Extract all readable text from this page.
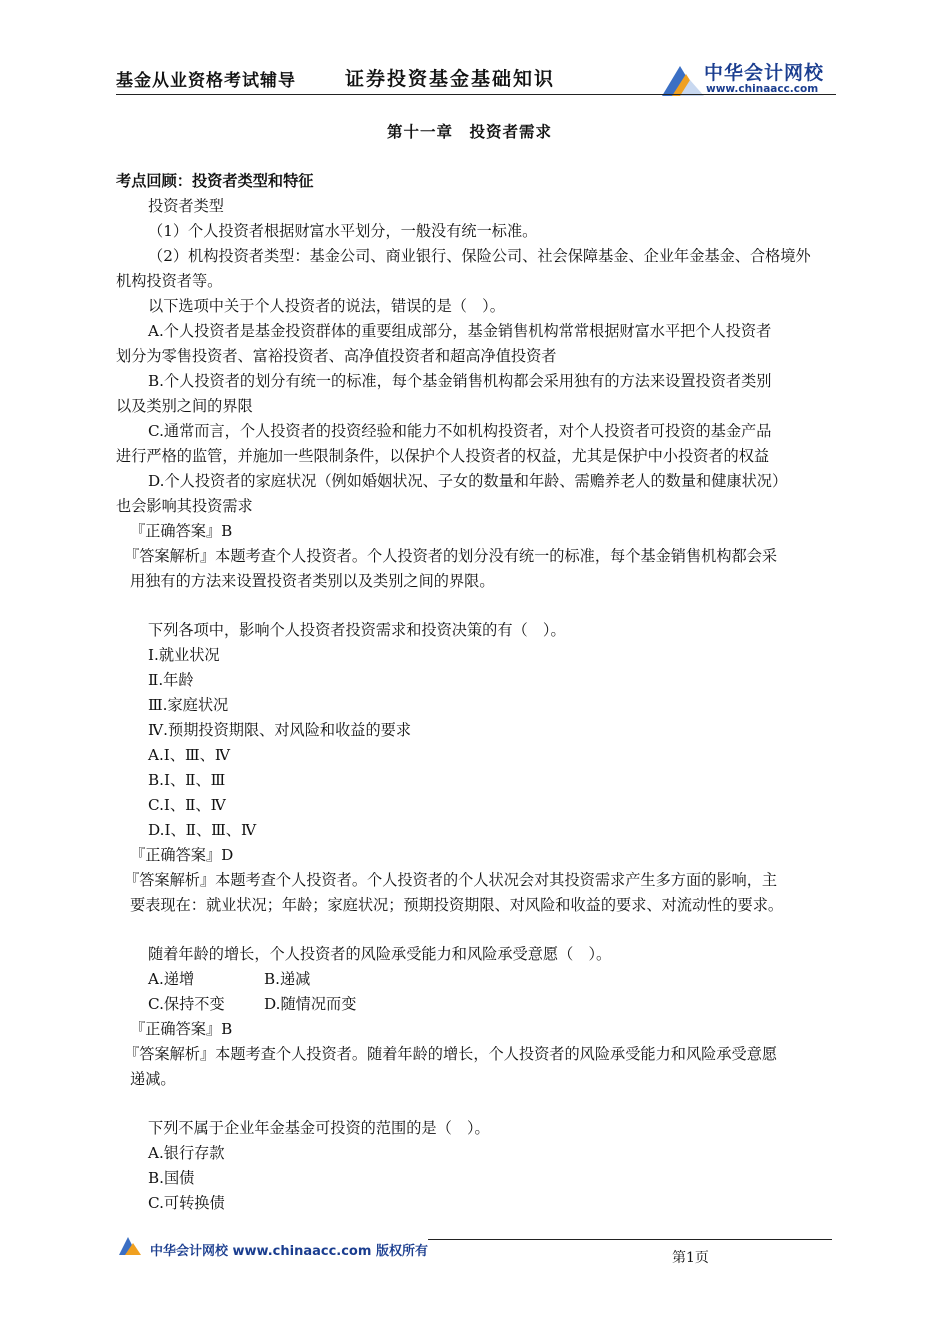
基金从业资格考试辅导	证券投资基金基础知识	中华会计网校
www.chinaacc.com
第十一章　投资者需求
考点回顾：投资者类型和特征
投资者类型
（1）个人投资者根据财富水平划分，一般没有统一标准。
（2）机构投资者类型：基金公司、商业银行、保险公司、社会保障基金、企业年金基金、合格境外
机构投资者等。
以下选项中关于个人投资者的说法，错误的是（　）。
A.个人投资者是基金投资群体的重要组成部分，基金销售机构常常根据财富水平把个人投资者
划分为零售投资者、富裕投资者、高净值投资者和超高净值投资者
B.个人投资者的划分有统一的标准，每个基金销售机构都会采用独有的方法来设置投资者类别
以及类别之间的界限
C.通常而言，个人投资者的投资经验和能力不如机构投资者，对个人投资者可投资的基金产品
进行严格的监管，并施加一些限制条件，以保护个人投资者的权益，尤其是保护中小投资者的权益
D.个人投资者的家庭状况（例如婚姻状况、子女的数量和年龄、需赡养老人的数量和健康状况）
也会影响其投资需求
『正确答案』B
『答案解析』本题考查个人投资者。个人投资者的划分没有统一的标准，每个基金销售机构都会采
用独有的方法来设置投资者类别以及类别之间的界限。
下列各项中，影响个人投资者投资需求和投资决策的有（　）。
Ⅰ.就业状况
Ⅱ.年龄
Ⅲ.家庭状况
Ⅳ.预期投资期限、对风险和收益的要求
A.Ⅰ、Ⅲ、Ⅳ
B.Ⅰ、Ⅱ、Ⅲ
C.Ⅰ、Ⅱ、Ⅳ
D.Ⅰ、Ⅱ、Ⅲ、Ⅳ
『正确答案』D
『答案解析』本题考查个人投资者。个人投资者的个人状况会对其投资需求产生多方面的影响，主
要表现在：就业状况；年龄；家庭状况；预期投资期限、对风险和收益的要求、对流动性的要求。
随着年龄的增长，个人投资者的风险承受能力和风险承受意愿（　）。
A.递增	B.递减
C.保持不变	D.随情况而变
『正确答案』B
『答案解析』本题考查个人投资者。随着年龄的增长，个人投资者的风险承受能力和风险承受意愿
递减。
下列不属于企业年金基金可投资的范围的是（　）。
A.银行存款
B.国债
C.可转换债
中华会计网校 www.chinaacc.com 版权所有	第1页
